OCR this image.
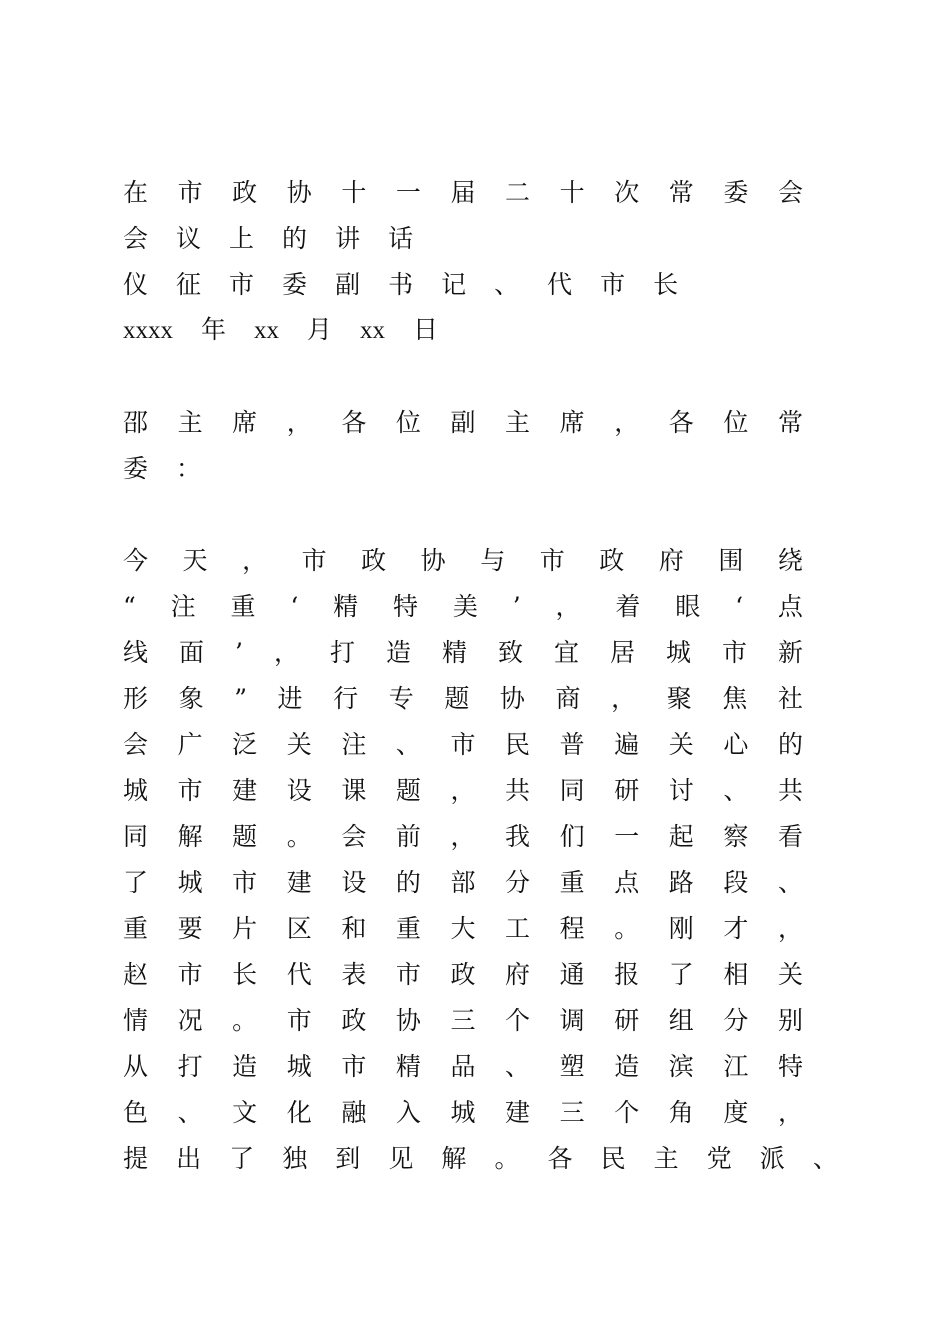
在 市 政 协 十 一 届 二 十 次 常 委 会
会 议 上 的 讲 话
仪 征 市 委 副 书 记 、 代 市 长
xxxx 年 xx 月 xx 日
邵 主 席 ， 各 位 副 主 席 ， 各 位 常
委 ：
今 天 ， 市 政 协 与 市 政 府 围 绕
“ 注 重 ‘ 精 特 美 ’ ， 着 眼 ‘ 点
线 面 ’ ， 打 造 精 致 宜 居 城 市 新
形 象 ” 进 行 专 题 协 商 ， 聚 焦 社
会 广 泛 关 注 、 市 民 普 遍 关 心 的
城 市 建 设 课 题 ， 共 同 研 讨 、 共
同 解 题 。 会 前 ， 我 们 一 起 察 看
了 城 市 建 设 的 部 分 重 点 路 段 、
重 要 片 区 和 重 大 工 程 。 刚 才 ，
赵 市 长 代 表 市 政 府 通 报 了 相 关
情 况 。 市 政 协 三 个 调 研 组 分 别
从 打 造 城 市 精 品 、 塑 造 滨 江 特
色 、 文 化 融 入 城 建 三 个 角 度 ，
提 出 了 独 到 见 解 。 各 民 主 党 派 、
